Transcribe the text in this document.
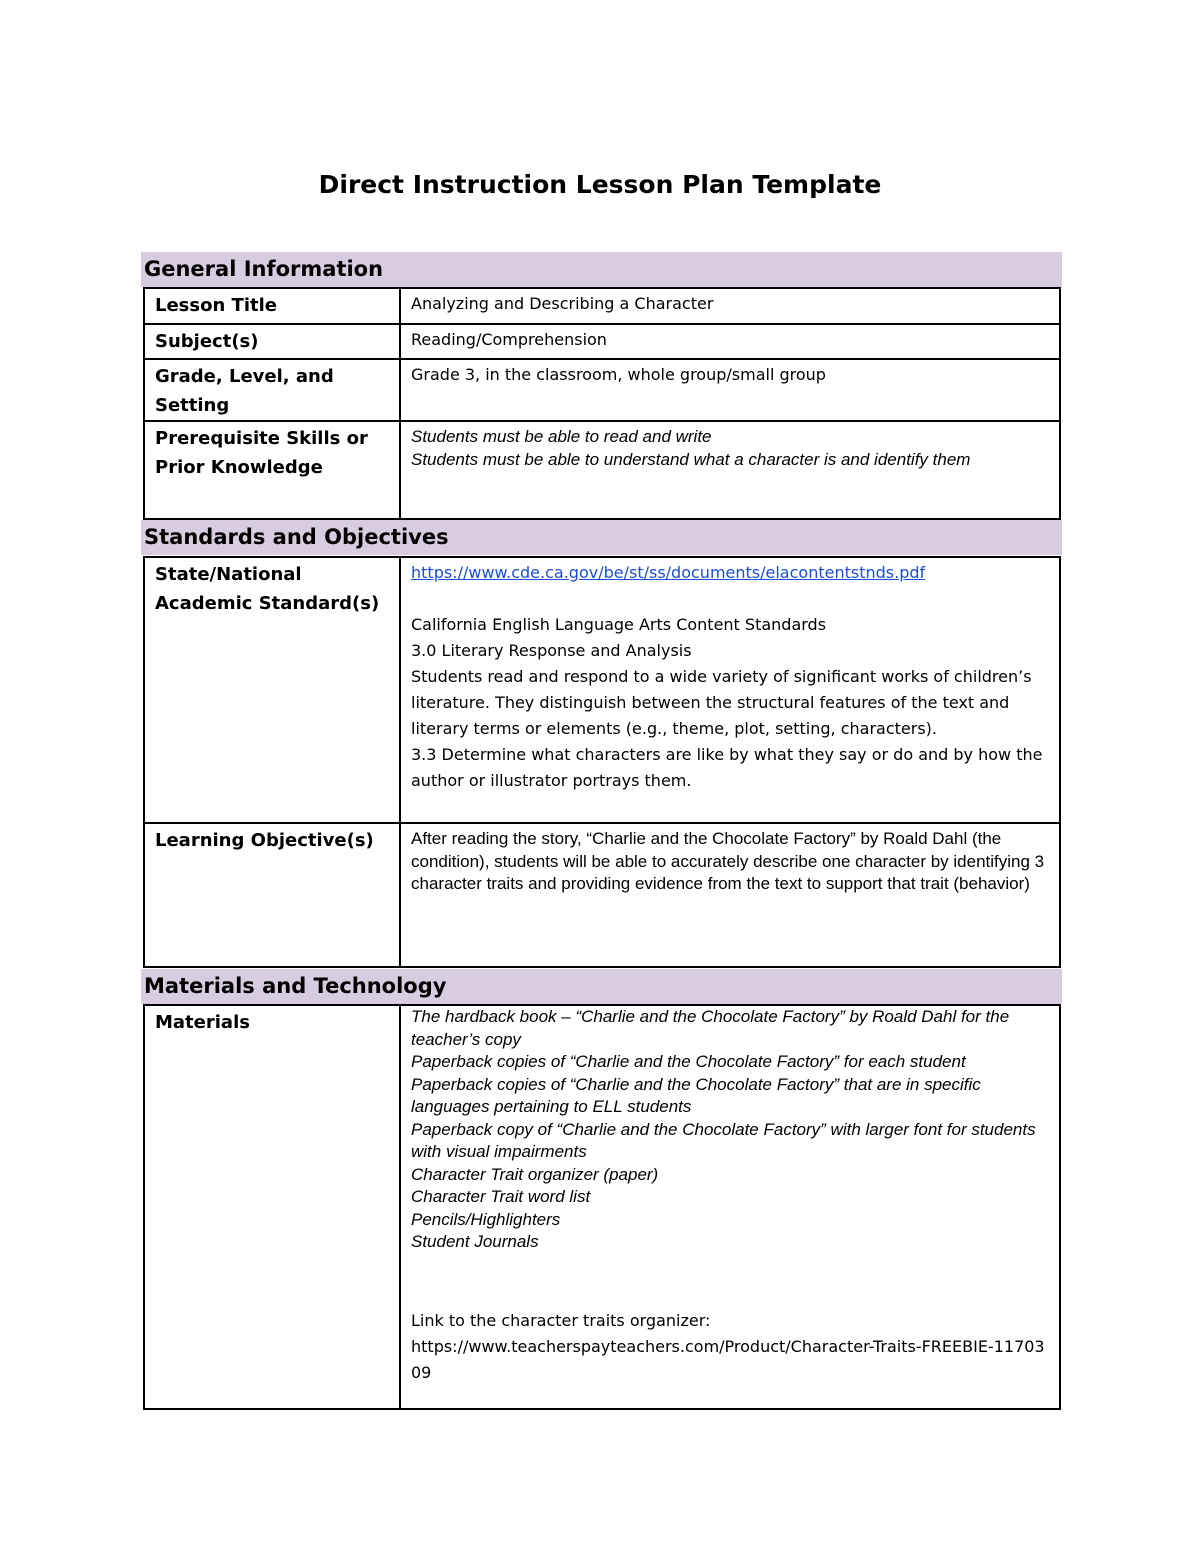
Direct Instruction Lesson Plan Template
General Information
Lesson Title	Analyzing and Describing a Character
Subject(s)	Reading/Comprehension
Grade, Level, and Setting	Grade 3, in the classroom, whole group/small group
Prerequisite Skills or Prior Knowledge	Students must be able to read and write
Students must be able to understand what a character is and identify them
Standards and Objectives
State/National Academic Standard(s)	https://www.cde.ca.gov/be/st/ss/documents/elacontentstnds.pdf
California English Language Arts Content Standards
3.0 Literary Response and Analysis
Students read and respond to a wide variety of significant works of children’s literature. They distinguish between the structural features of the text and literary terms or elements (e.g., theme, plot, setting, characters).
3.3 Determine what characters are like by what they say or do and by how the author or illustrator portrays them.

Learning Objective(s)	After reading the story, “Charlie and the Chocolate Factory” by Roald Dahl (the condition), students will be able to accurately describe one character by identifying 3 character traits and providing evidence from the text to support that trait (behavior)
Materials and Technology
Materials	The hardback book – “Charlie and the Chocolate Factory” by Roald Dahl for the teacher’s copy
Paperback copies of “Charlie and the Chocolate Factory” for each student
Paperback copies of “Charlie and the Chocolate Factory” that are in specific languages pertaining to ELL students
Paperback copy of “Charlie and the Chocolate Factory” with larger font for students with visual impairments
Character Trait organizer (paper)
Character Trait word list
Pencils/Highlighters
Student Journals
Link to the character traits organizer:
https://www.teacherspayteachers.com/Product/Character-Traits-FREEBIE-1170309
